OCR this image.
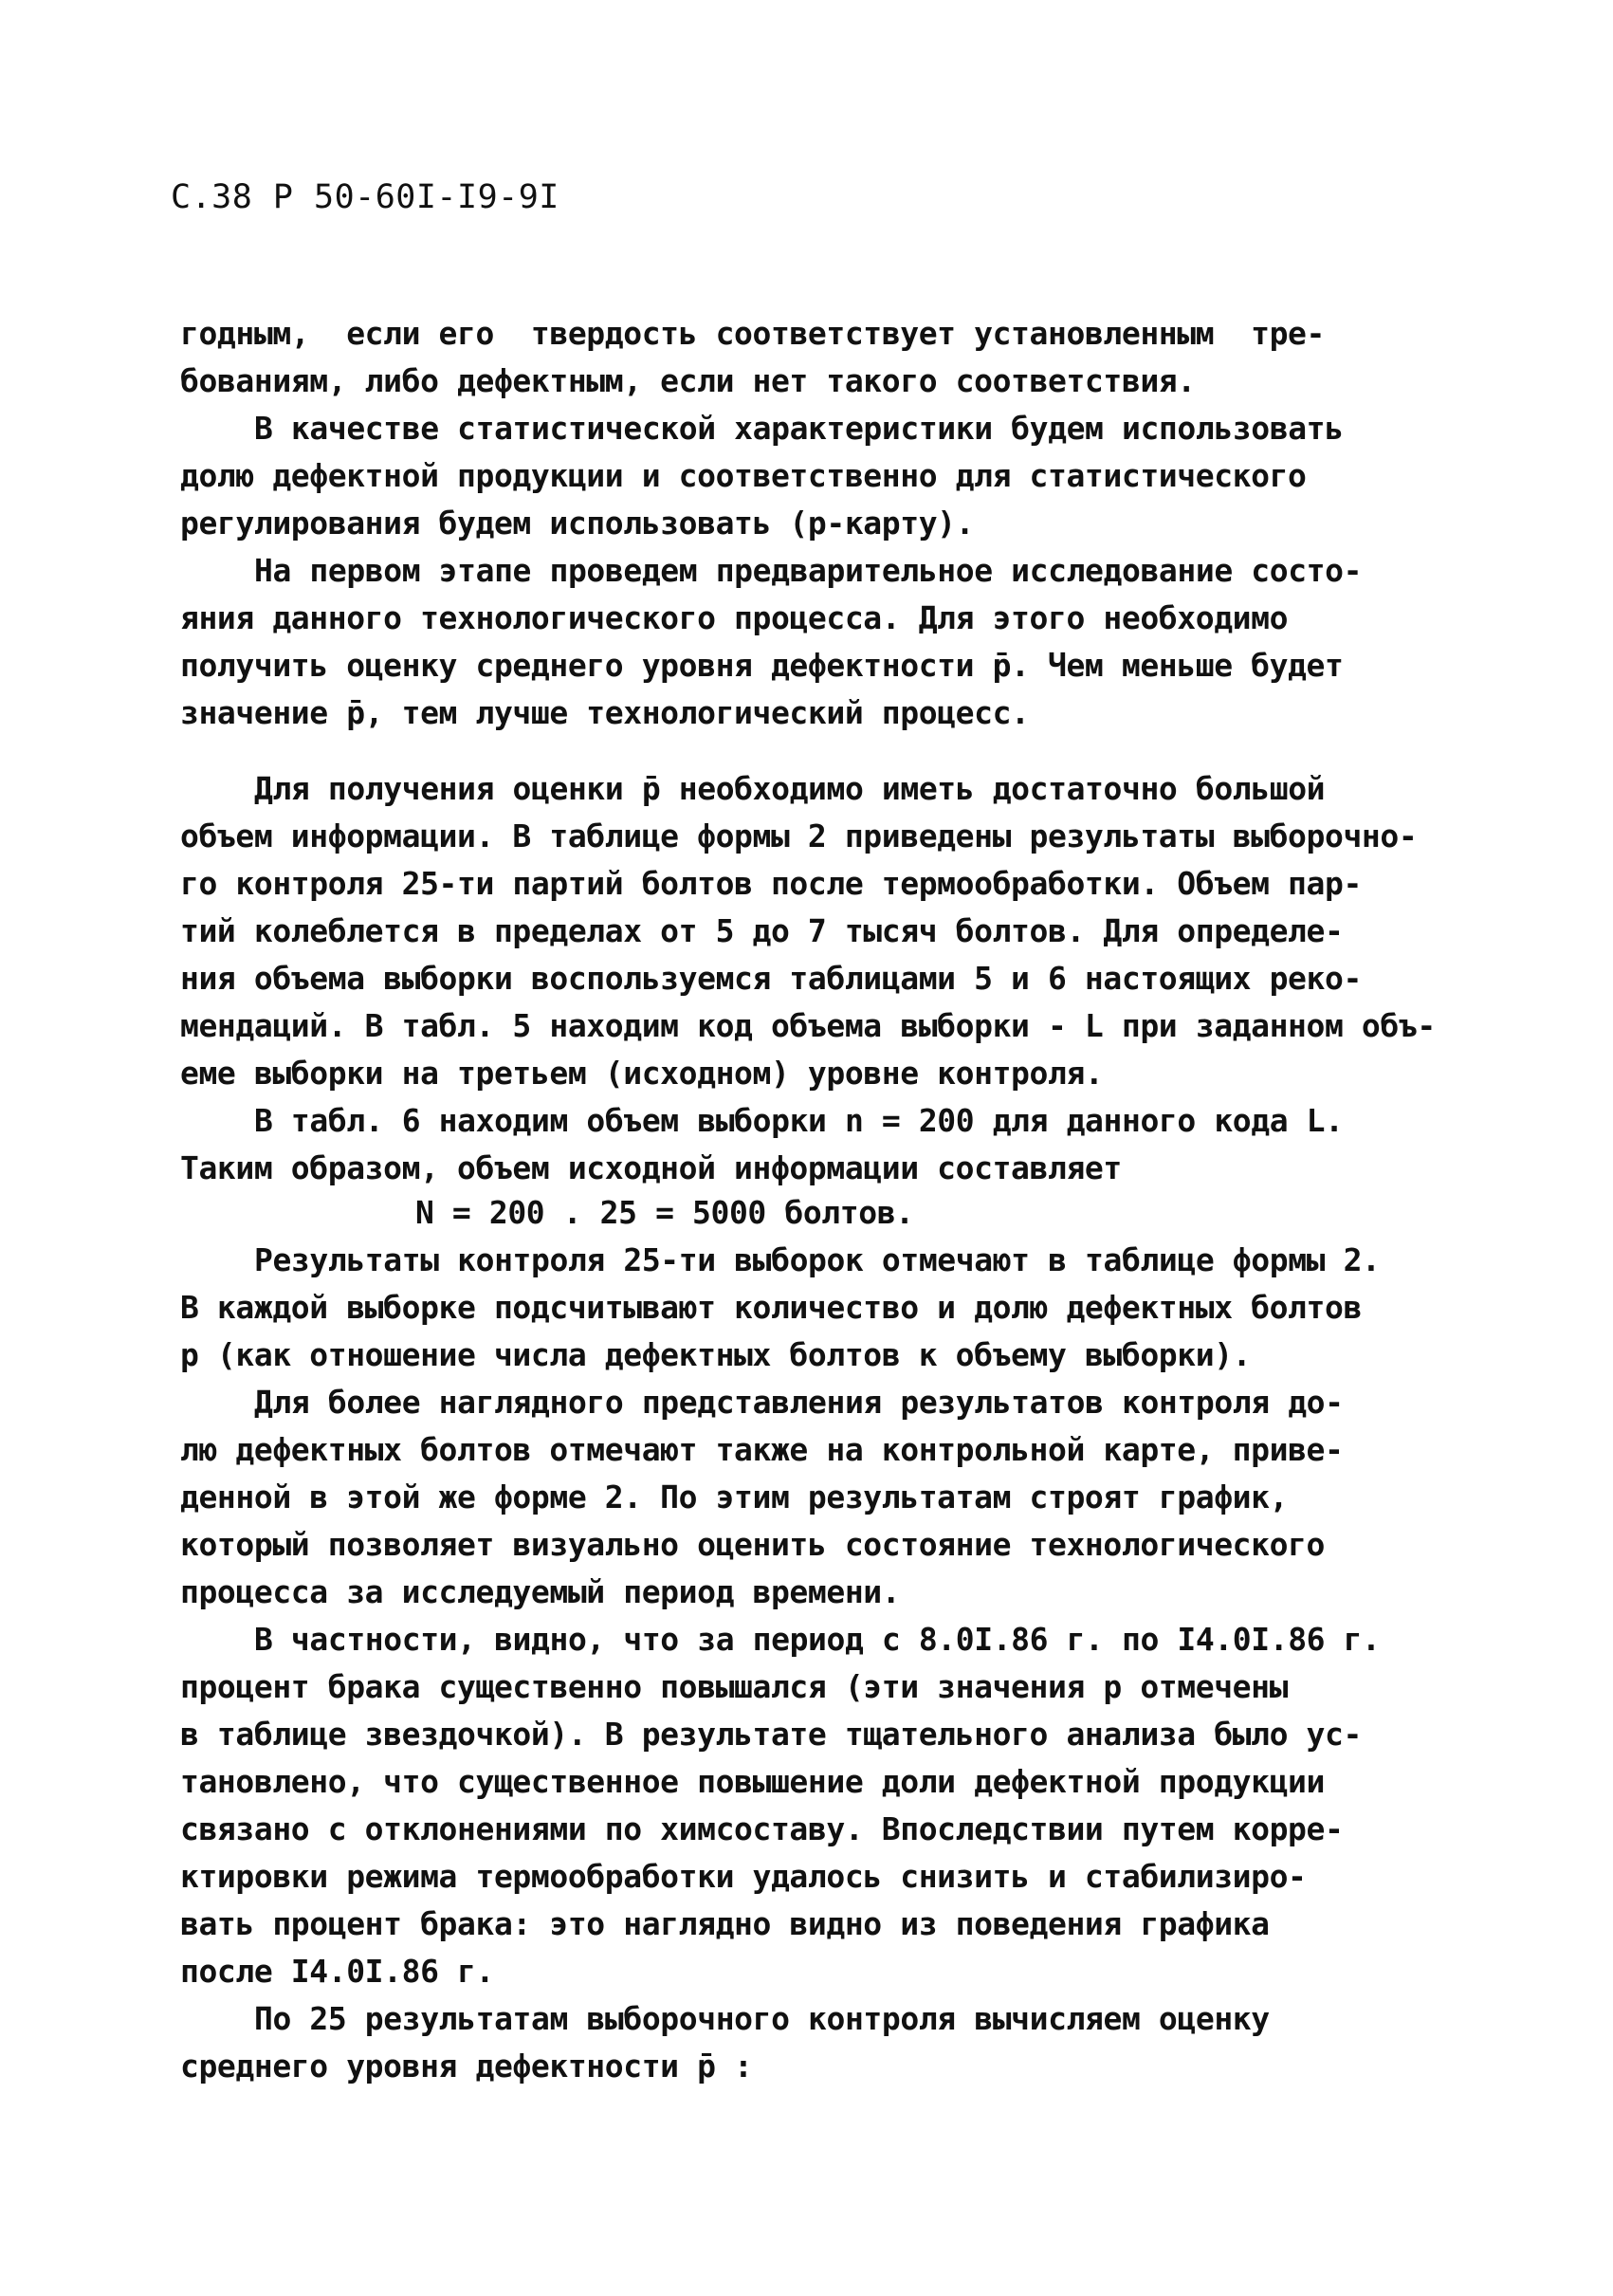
С.38 Р 50-60I-I9-9I
годным,  если его  твердость соответствует установленным  тре-
бованиям, либо дефектным, если нет такого соответствия.
В качестве статистической характеристики будем использовать
долю дефектной продукции и соответственно для статистического
регулирования будем использовать (р-карту).
На первом этапе проведем предварительное исследование состо-
яния данного технологического процесса. Для этого необходимо
получить оценку среднего уровня дефектности p̄. Чем меньше будет
значение p̄, тем лучше технологический процесс.
Для получения оценки p̄ необходимо иметь достаточно большой
объем информации. В таблице формы 2 приведены результаты выборочно-
го контроля 25-ти партий болтов после термообработки. Объем пар-
тий колеблется в пределах от 5 до 7 тысяч болтов. Для определе-
ния объема выборки воспользуемся таблицами 5 и 6 настоящих реко-
мендаций. В табл. 5 находим код объема выборки - L при заданном объ-
еме выборки на третьем (исходном) уровне контроля.
В табл. 6 находим объем выборки n = 200 для данного кода L.
Таким образом, объем исходной информации составляет
N = 200 . 25 = 5000 болтов.
Результаты контроля 25-ти выборок отмечают в таблице формы 2.
В каждой выборке подсчитывают количество и долю дефектных болтов
р (как отношение числа дефектных болтов к объему выборки).
Для более наглядного представления результатов контроля до-
лю дефектных болтов отмечают также на контрольной карте, приве-
денной в этой же форме 2. По этим результатам строят график,
который позволяет визуально оценить состояние технологического
процесса за исследуемый период времени.
В частности, видно, что за период с 8.0I.86 г. по I4.0I.86 г.
процент брака существенно повышался (эти значения р отмечены
в таблице звездочкой). В результате тщательного анализа было ус-
тановлено, что существенное повышение доли дефектной продукции
связано с отклонениями по химсоставу. Впоследствии путем корре-
ктировки режима термообработки удалось снизить и стабилизиро-
вать процент брака: это наглядно видно из поведения графика
после I4.0I.86 г.
По 25 результатам выборочного контроля вычисляем оценку
среднего уровня дефектности p̄ :
